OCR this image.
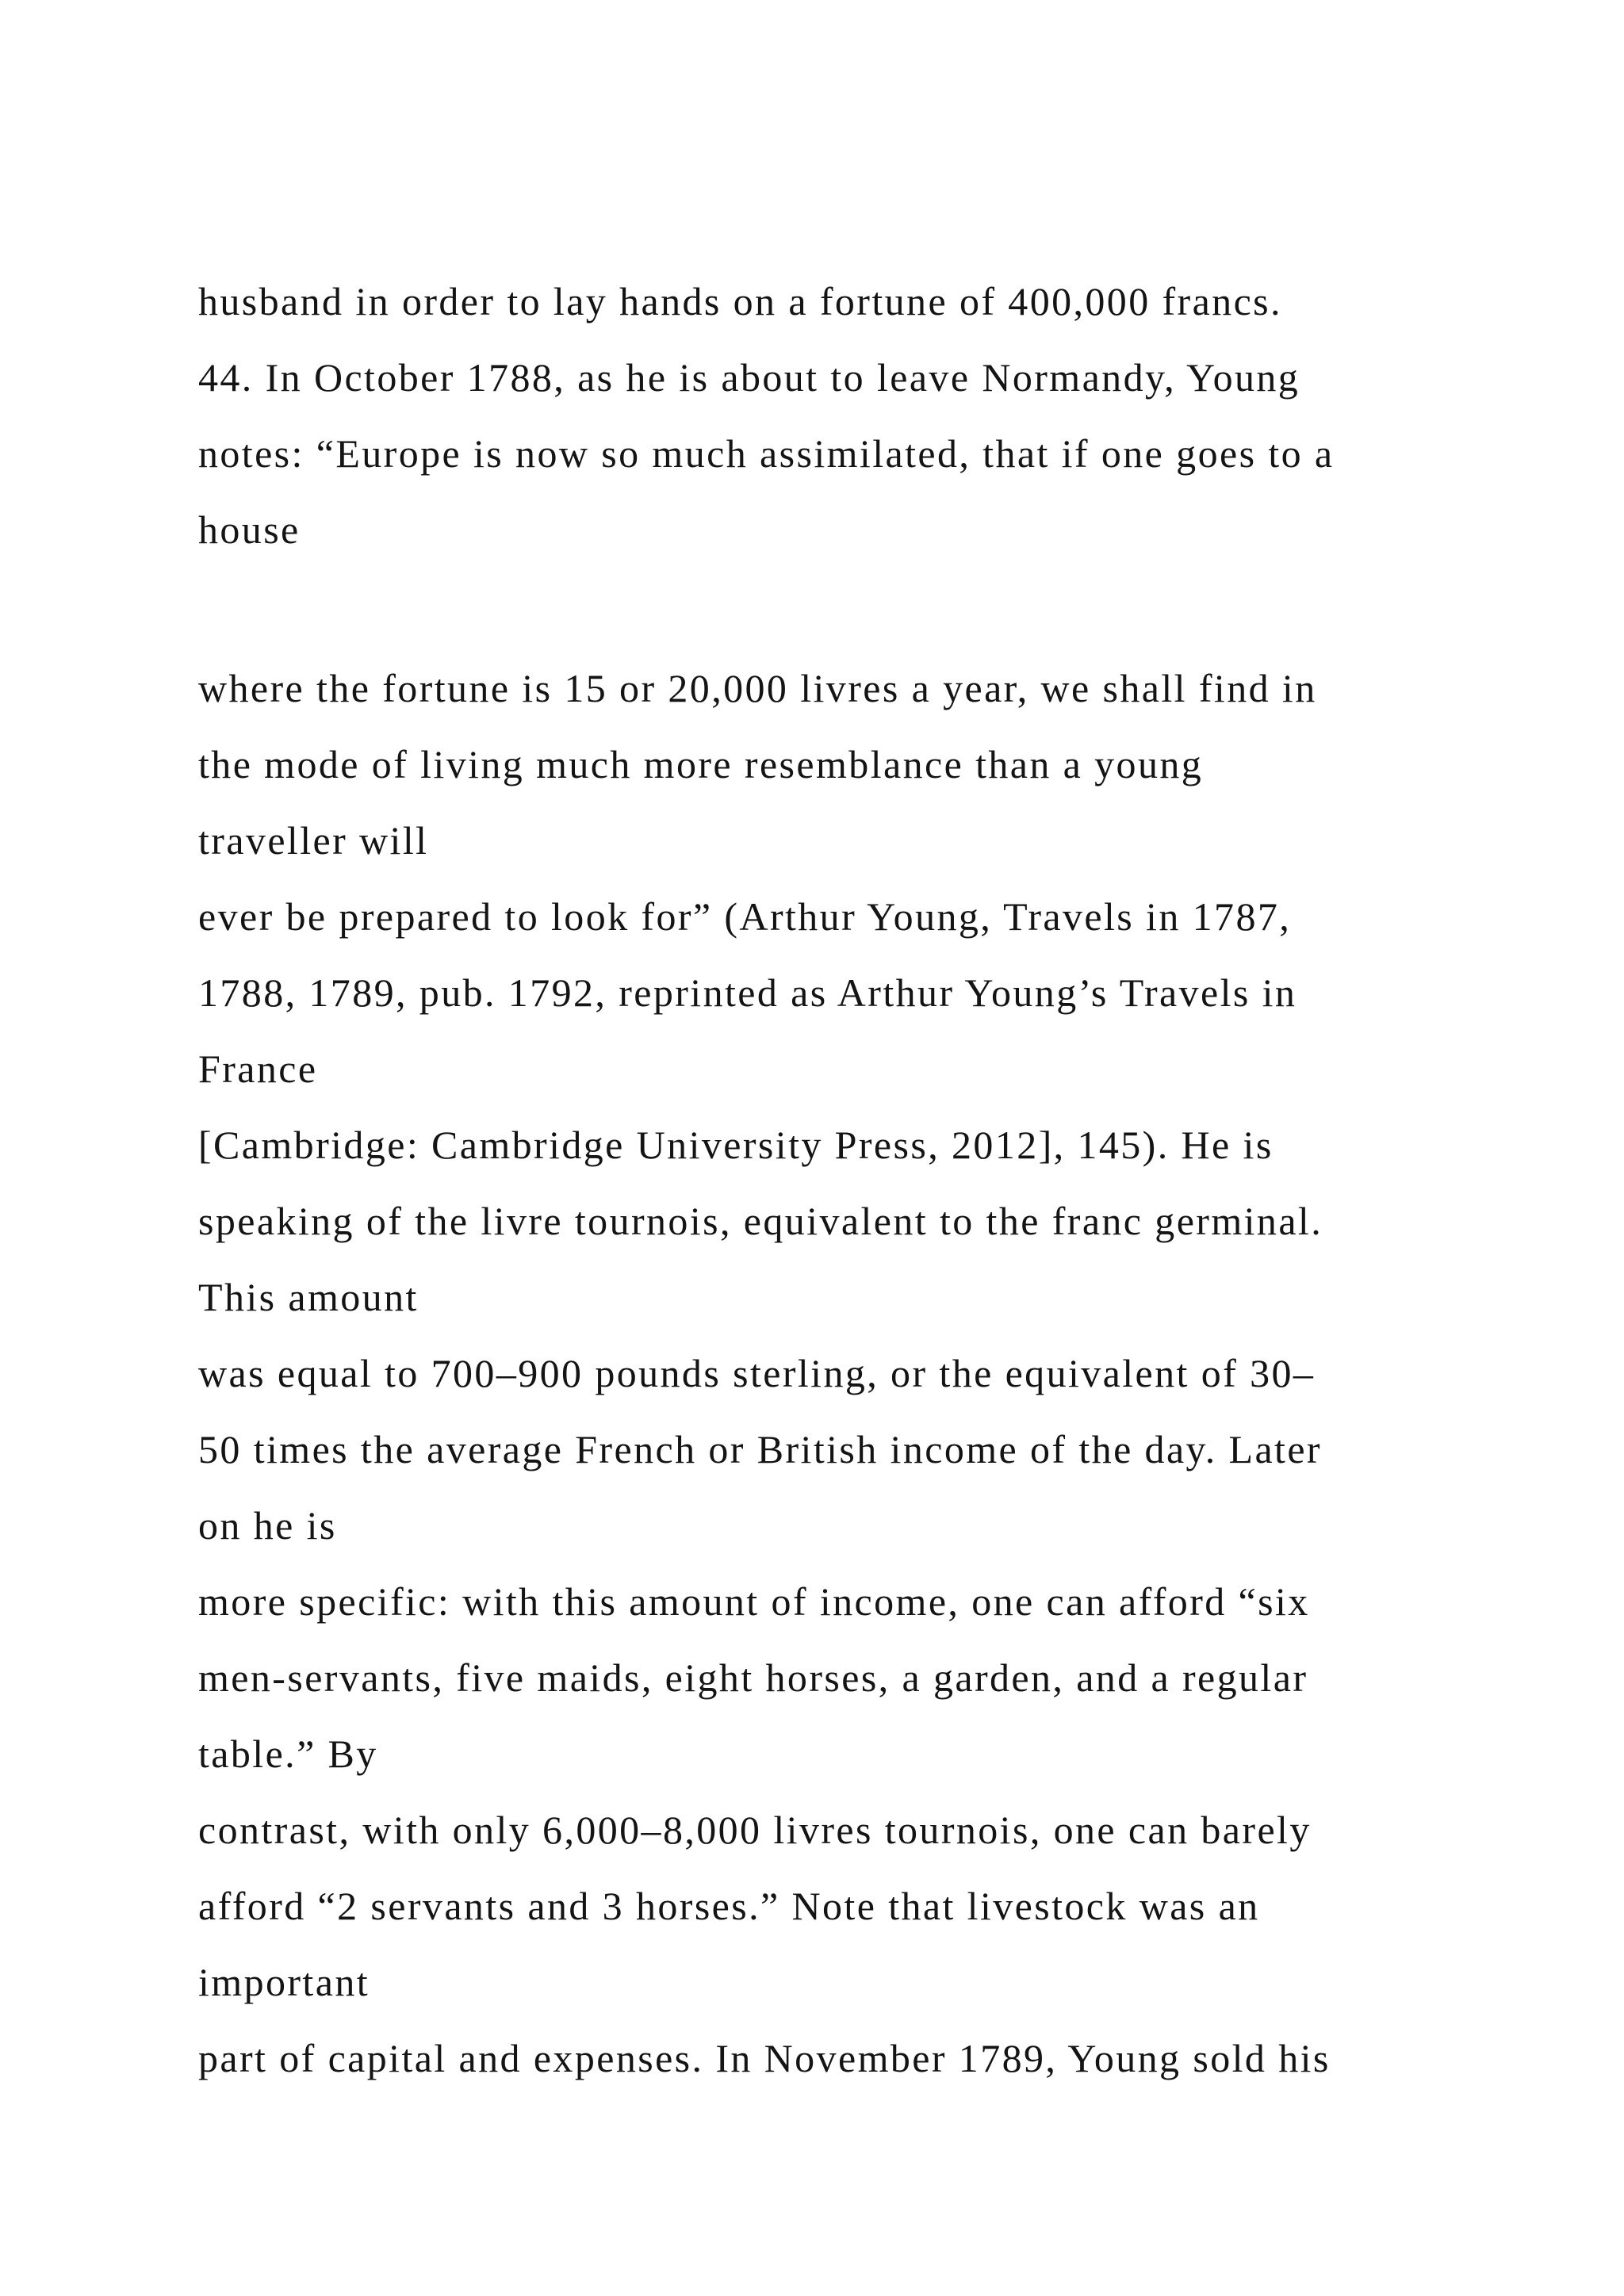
husband in order to lay hands on a fortune of 400,000 francs.
44. In October 1788, as he is about to leave Normandy, Young
notes: “Europe is now so much assimilated, that if one goes to a
house
where the fortune is 15 or 20,000 livres a year, we shall find in
the mode of living much more resemblance than a young
traveller will
ever be prepared to look for” (Arthur Young, Travels in 1787,
1788, 1789, pub. 1792, reprinted as Arthur Young’s Travels in
France
[Cambridge: Cambridge University Press, 2012], 145). He is
speaking of the livre tournois, equivalent to the franc germinal.
This amount
was equal to 700–900 pounds sterling, or the equivalent of 30–
50 times the average French or British income of the day. Later
on he is
more specific: with this amount of income, one can afford “six
men-servants, five maids, eight horses, a garden, and a regular
table.” By
contrast, with only 6,000–8,000 livres tournois, one can barely
afford “2 servants and 3 horses.” Note that livestock was an
important
part of capital and expenses. In November 1789, Young sold his
